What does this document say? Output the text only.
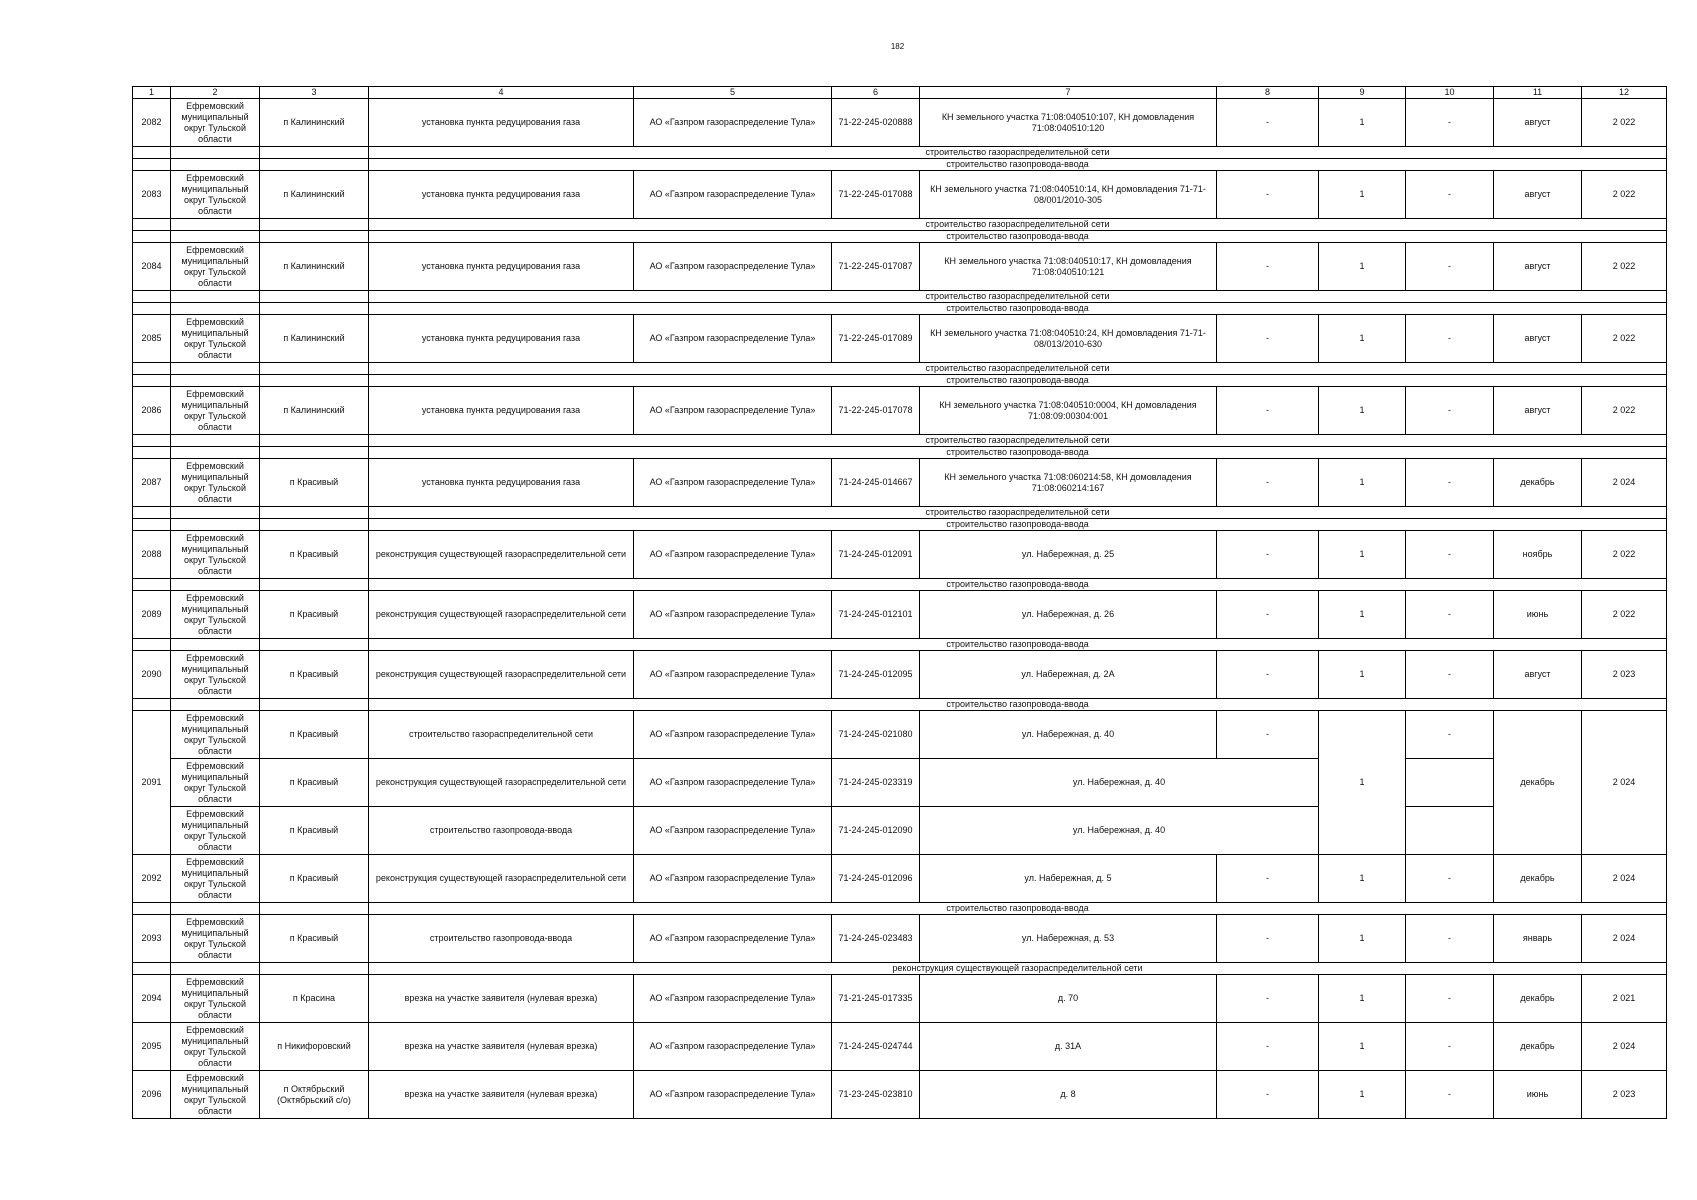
182
1	2	3	4	5	6	7	8	9	10	11	12
2082	Ефремовский муниципальный округ Тульской области	п Калининский	установка пункта редуцирования газа	АО «Газпром газораспределение Тула»	71-22-245-020888	КН земельного участка 71:08:040510:107, КН домовладения 71:08:040510:120	-	1	-	август	2 022
			строительство газораспределительной сети								
			строительство газопровода-ввода								
2083	Ефремовский муниципальный округ Тульской области	п Калининский	установка пункта редуцирования газа	АО «Газпром газораспределение Тула»	71-22-245-017088	КН земельного участка 71:08:040510:14, КН домовладения 71-71-08/001/2010-305	-	1	-	август	2 022
			строительство газораспределительной сети								
			строительство газопровода-ввода								
2084	Ефремовский муниципальный округ Тульской области	п Калининский	установка пункта редуцирования газа	АО «Газпром газораспределение Тула»	71-22-245-017087	КН земельного участка 71:08:040510:17, КН домовладения 71:08:040510:121	-	1	-	август	2 022
			строительство газораспределительной сети								
			строительство газопровода-ввода								
2085	Ефремовский муниципальный округ Тульской области	п Калининский	установка пункта редуцирования газа	АО «Газпром газораспределение Тула»	71-22-245-017089	КН земельного участка 71:08:040510:24, КН домовладения 71-71-08/013/2010-630	-	1	-	август	2 022
			строительство газораспределительной сети								
			строительство газопровода-ввода								
2086	Ефремовский муниципальный округ Тульской области	п Калининский	установка пункта редуцирования газа	АО «Газпром газораспределение Тула»	71-22-245-017078	КН земельного участка 71:08:040510:0004, КН домовладения 71:08:09:00304:001	-	1	-	август	2 022
			строительство газораспределительной сети								
			строительство газопровода-ввода								
2087	Ефремовский муниципальный округ Тульской области	п Красивый	установка пункта редуцирования газа	АО «Газпром газораспределение Тула»	71-24-245-014667	КН земельного участка 71:08:060214:58, КН домовладения 71:08:060214:167	-	1	-	декабрь	2 024
			строительство газораспределительной сети								
			строительство газопровода-ввода								
2088	Ефремовский муниципальный округ Тульской области	п Красивый	реконструкция существующей газораспределительной сети	АО «Газпром газораспределение Тула»	71-24-245-012091	ул. Набережная, д. 25	-	1	-	ноябрь	2 022
			строительство газопровода-ввода								
2089	Ефремовский муниципальный округ Тульской области	п Красивый	реконструкция существующей газораспределительной сети	АО «Газпром газораспределение Тула»	71-24-245-012101	ул. Набережная, д. 26	-	1	-	июнь	2 022
			строительство газопровода-ввода								
2090	Ефремовский муниципальный округ Тульской области	п Красивый	реконструкция существующей газораспределительной сети	АО «Газпром газораспределение Тула»	71-24-245-012095	ул. Набережная, д. 2А	-	1	-	август	2 023
			строительство газопровода-ввода								
2091	Ефремовский муниципальный округ Тульской области	п Красивый	строительство газораспределительной сети	АО «Газпром газораспределение Тула»	71-24-245-021080	ул. Набережная, д. 40	-	1	-	декабрь	2 024
	Ефремовский муниципальный округ Тульской области	п Красивый	реконструкция существующей газораспределительной сети	АО «Газпром газораспределение Тула»	71-24-245-023319	ул. Набережная, д. 40					
	Ефремовский муниципальный округ Тульской области	п Красивый	строительство газопровода-ввода	АО «Газпром газораспределение Тула»	71-24-245-012090	ул. Набережная, д. 40					
2092	Ефремовский муниципальный округ Тульской области	п Красивый	реконструкция существующей газораспределительной сети	АО «Газпром газораспределение Тула»	71-24-245-012096	ул. Набережная, д. 5	-	1	-	декабрь	2 024
			строительство газопровода-ввода								
2093	Ефремовский муниципальный округ Тульской области	п Красивый	строительство газопровода-ввода	АО «Газпром газораспределение Тула»	71-24-245-023483	ул. Набережная, д. 53	-	1	-	январь	2 024
			реконструкция существующей газораспределительной сети								
2094	Ефремовский муниципальный округ Тульской области	п Красина	врезка на участке заявителя (нулевая врезка)	АО «Газпром газораспределение Тула»	71-21-245-017335	д. 70	-	1	-	декабрь	2 021
2095	Ефремовский муниципальный округ Тульской области	п Никифоровский	врезка на участке заявителя (нулевая врезка)	АО «Газпром газораспределение Тула»	71-24-245-024744	д. 31А	-	1	-	декабрь	2 024
2096	Ефремовский муниципальный округ Тульской области	п Октябрьский (Октябрьский с/о)	врезка на участке заявителя (нулевая врезка)	АО «Газпром газораспределение Тула»	71-23-245-023810	д. 8	-	1	-	июнь	2 023
